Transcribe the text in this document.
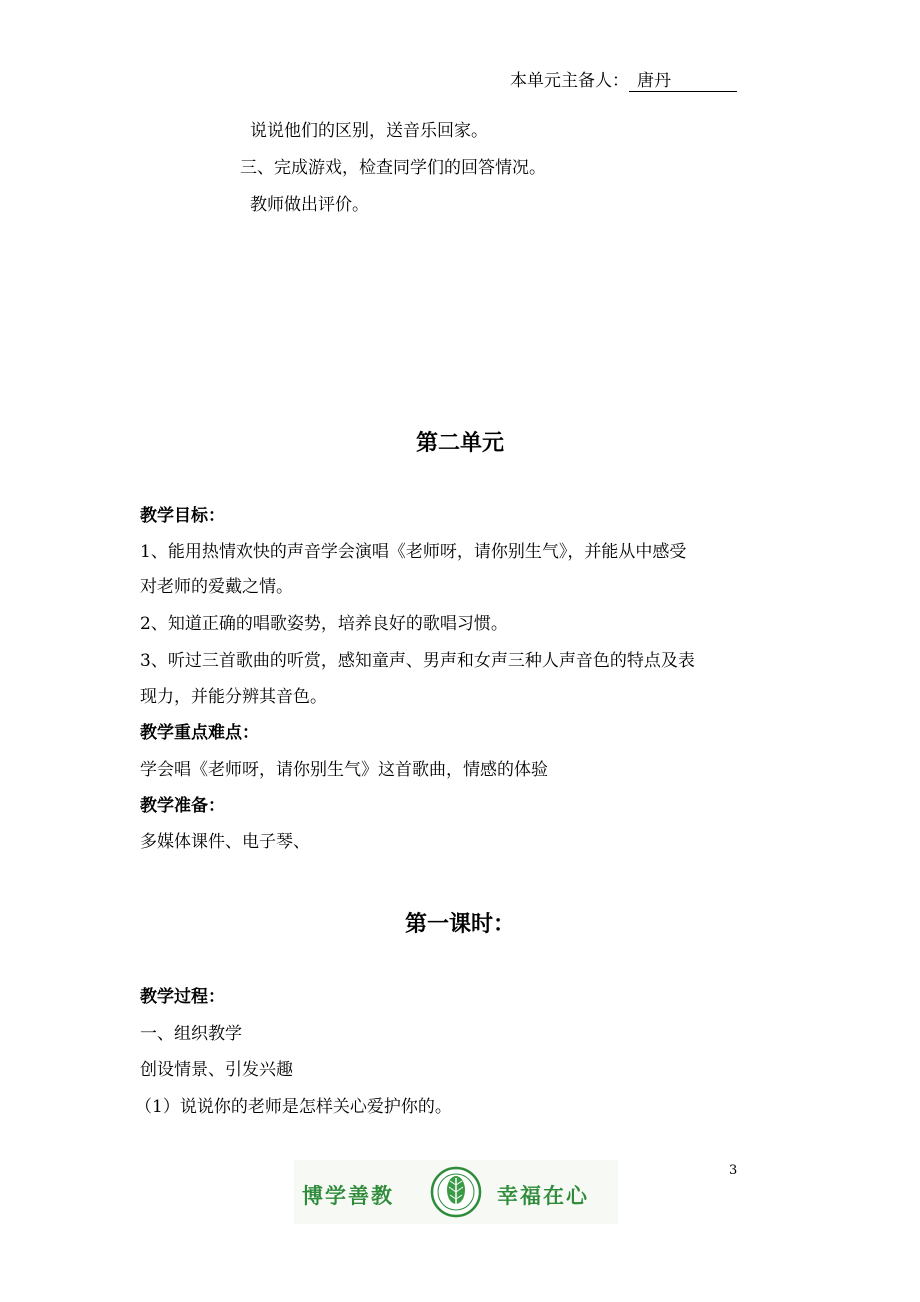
本单元主备人： 唐丹
说说他们的区别，送音乐回家。
三、完成游戏，检查同学们的回答情况。
教师做出评价。
第二单元
教学目标：
1、能用热情欢快的声音学会演唱《老师呀，请你别生气》，并能从中感受
对老师的爱戴之情。
2、知道正确的唱歌姿势，培养良好的歌唱习惯。
3、听过三首歌曲的听赏，感知童声、男声和女声三种人声音色的特点及表
现力，并能分辨其音色。
教学重点难点：
学会唱《老师呀，请你别生气》这首歌曲，情感的体验
教学准备：
多媒体课件、电子琴、
第一课时：
教学过程：
一、组织教学
创设情景、引发兴趣
（1）说说你的老师是怎样关心爱护你的。
3
博学善教	幸福在心
